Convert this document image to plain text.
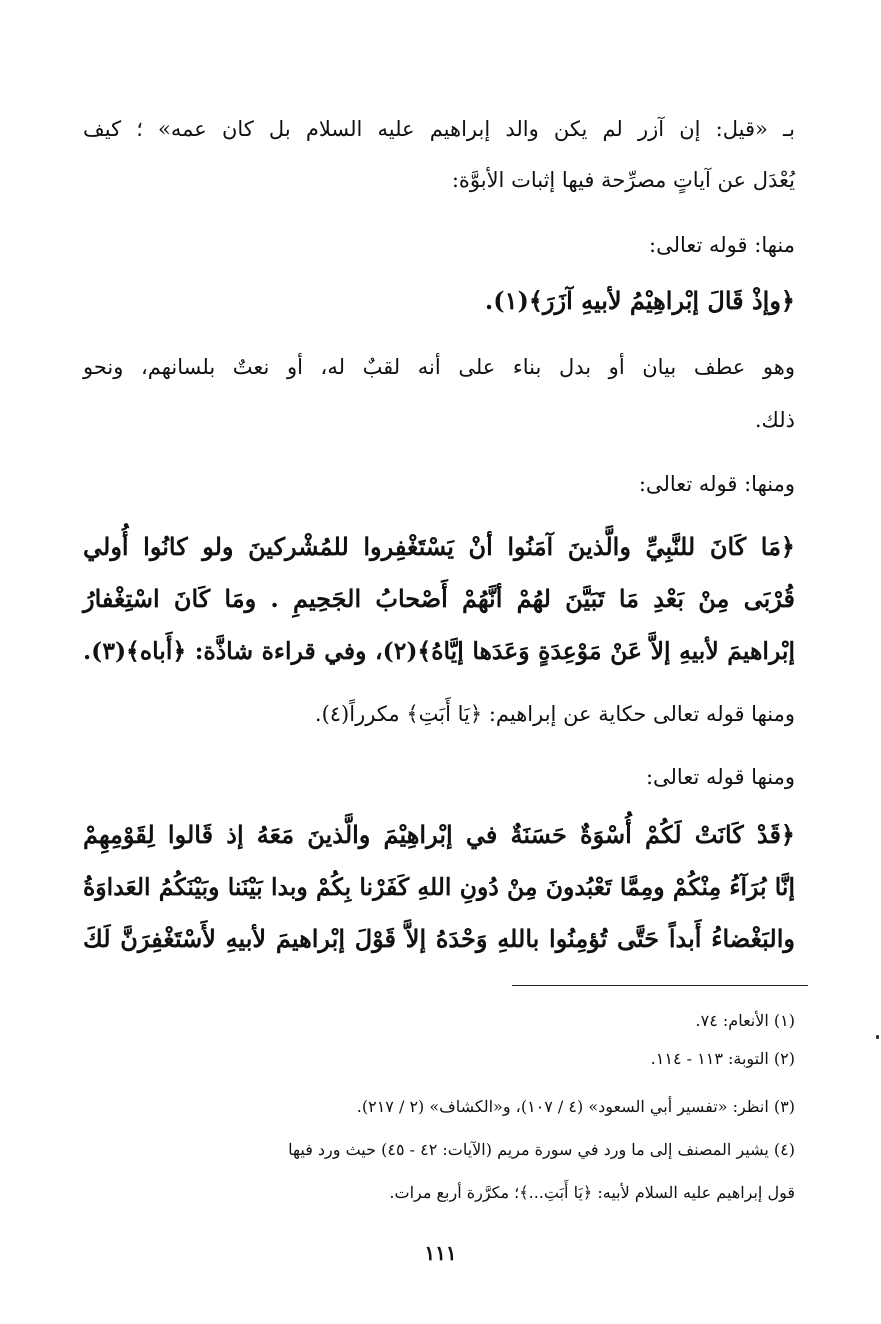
بـ «قيل: إن آزر لم يكن والد إبراهيم عليه السلام بل كان عمه» ؛ كيف
يُعْدَل عن آياتٍ مصرِّحة فيها إثبات الأبوَّة:
منها: قوله تعالى:
﴿وإذْ قَالَ إبْراهِيْمُ لأبيهِ آزَرَ﴾(١).
وهو عطف بيان أو بدل بناء على أنه لقبٌ له، أو نعتٌ بلسانهم، ونحو
ذلك.
ومنها: قوله تعالى:
﴿مَا كَانَ للنَّبِيِّ والَّذينَ آمَنُوا أنْ يَسْتَغْفِروا للمُشْركينَ ولو كانُوا أُولي
قُرْبَى مِنْ بَعْدِ مَا تَبَيَّنَ لهُمْ أنَّهُمْ أَصْحابُ الجَحِيمِ . ومَا كَانَ اسْتِغْفارُ
إبْراهيمَ لأبيهِ إلاَّ عَنْ مَوْعِدَةٍ وَعَدَها إيَّاهُ﴾(٢)، وفي قراءة شاذَّة: ﴿أَباه﴾(٣).
ومنها قوله تعالى حكاية عن إبراهيم: ﴿يَا أَبَتِ﴾ مكرراً(٤).
ومنها قوله تعالى:
﴿قَدْ كَانَتْ لَكُمْ أُسْوَةٌ حَسَنَةٌ في إبْراهِيْمَ والَّذينَ مَعَهُ إذ قَالوا لِقَوْمِهِمْ
إنَّا بُرَآءُ مِنْكُمْ ومِمَّا تَعْبُدونَ مِنْ دُونِ اللهِ كَفَرْنا بِكُمْ وبدا بَيْنَنا وبَيْنَكُمُ العَداوَةُ
والبَغْضاءُ أَبداً حَتَّى تُؤمِنُوا باللهِ وَحْدَهُ إلاَّ قَوْلَ إبْراهيمَ لأبيهِ لأَسْتَغْفِرَنَّ لَكَ
(١) الأنعام: ٧٤.
(٢) التوبة: ١١٣ - ١١٤.
(٣) انظر: «تفسير أبي السعود» (٤ / ١٠٧)، و«الكشاف» (٢ / ٢١٧).
(٤) يشير المصنف إلى ما ورد في سورة مريم (الآيات: ٤٢ - ٤٥) حيث ورد فيها
قول إبراهيم عليه السلام لأبيه: ﴿يَا أَبَتِ...﴾؛ مكرَّرة أربع مرات.
١١١
